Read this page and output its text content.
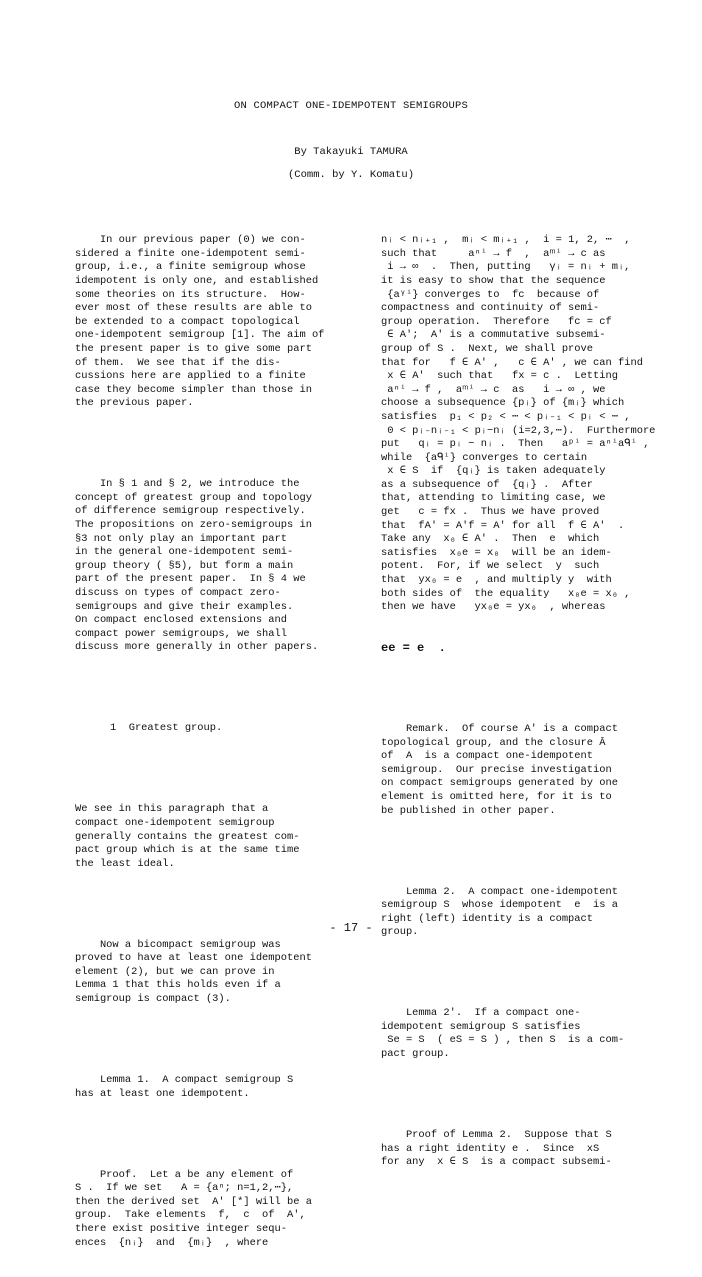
ON COMPACT ONE-IDEMPOTENT SEMIGROUPS
By Takayuki TAMURA
(Comm. by Y. Komatu)

In our previous paper (0) we con-
sidered a finite one-idempotent semi-
group, i.e., a finite semigroup whose
idempotent is only one, and established
some theories on its structure.  How-
ever most of these results are able to
be extended to a compact topological
one-idempotent semigroup [1]. The aim of
the present paper is to give some part
of them.  We see that if the dis-
cussions here are applied to a finite
case they become simpler than those in
the previous paper.

In § 1 and § 2, we introduce the
concept of greatest group and topology
of difference semigroup respectively.
The propositions on zero-semigroups in
§3 not only play an important part
in the general one-idempotent semi-
group theory ( §5), but form a main
part of the present paper.  In § 4 we
discuss on types of compact zero-
semigroups and give their examples.
On compact enclosed extensions and
compact power semigroups, we shall
discuss more generally in other papers.

1  Greatest group.

We see in this paragraph that a
compact one-idempotent semigroup
generally contains the greatest com-
pact group which is at the same time
the least ideal.

Now a bicompact semigroup was
proved to have at least one idempotent
element (2), but we can prove in
Lemma 1 that this holds even if a
semigroup is compact (3).

Lemma 1.  A compact semigroup S
has at least one idempotent.

Proof.  Let a be any element of
S .  If we set   A = {aⁿ; n=1,2,⋯},
then the derived set  A' [*] will be a
group.  Take elements  f,  c  of  A',
there exist positive integer sequ-
ences  {nᵢ}  and  {mᵢ}  , where

nᵢ < nᵢ₊₁ ,  mᵢ < mᵢ₊₁ ,  i = 1, 2, ⋯  ,
such that     aⁿⁱ → f  ,  aᵐⁱ → c as
i → ∞  .  Then, putting   γᵢ = nᵢ + mᵢ,
it is easy to show that the sequence
{aᵞⁱ} converges to  fc  because of
compactness and continuity of semi-
group operation.  Therefore   fc = cf
∈ A';  A' is a commutative subsemi-
group of S .  Next, we shall prove
that for   f ∈ A' ,   c ∈ A' , we can find
x ∈ A'  such that   fx = c .  Letting
aⁿⁱ → f ,  aᵐⁱ → c  as   i → ∞ , we
choose a subsequence {pᵢ} of {mᵢ} which
satisfies  p₁ < p₂ < ⋯ < pᵢ₋₁ < pᵢ < ⋯ ,
0 < pᵢ₋nᵢ₋₁ < pᵢ−nᵢ (i=2,3,⋯).  Furthermore
put   qᵢ = pᵢ − nᵢ .  Then   aᵖⁱ = aⁿⁱaᑫⁱ ,
while  {aᑫⁱ} converges to certain
x ∈ S  if  {qᵢ} is taken adequately
as a subsequence of  {qᵢ} .  After
that, attending to limiting case, we
get   c = fx .  Thus we have proved
that  fA' = A'f = A' for all  f ∈ A'  .
Take any  x₀ ∈ A' .  Then  e  which
satisfies  x₀e = x₀  will be an idem-
potent.  For, if we select  y  such
that  yx₀ = e  , and multiply y  with
both sides of  the equality   x₀e = x₀ ,
then we have   yx₀e = yx₀  , whereas

ee = e  .

Remark.  Of course A' is a compact
topological group, and the closure Ā
of  A  is a compact one-idempotent
semigroup.  Our precise investigation
on compact semigroups generated by one
element is omitted here, for it is to
be published in other paper.

Lemma 2.  A compact one-idempotent
semigroup S  whose idempotent  e  is a
right (left) identity is a compact
group.

Lemma 2'.  If a compact one-
idempotent semigroup S satisfies
Se = S  ( eS = S ) , then S  is a com-
pact group.

Proof of Lemma 2.  Suppose that S
has a right identity e .  Since  xS
for any  x ∈ S  is a compact subsemi-

- 17 -
